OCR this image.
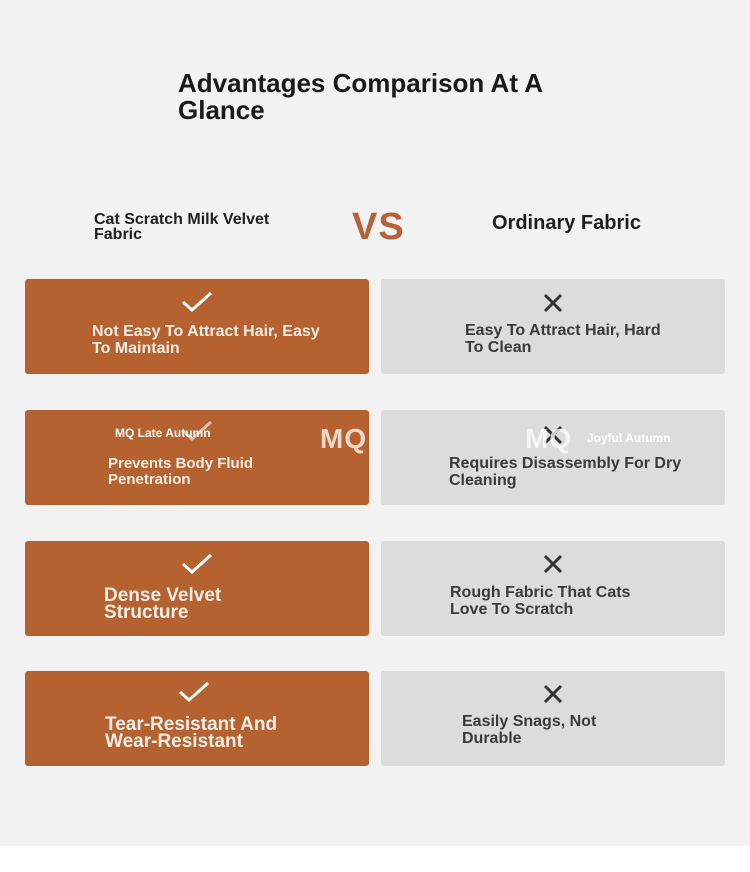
Advantages Comparison At A Glance
Cat Scratch Milk Velvet Fabric	VS	Ordinary Fabric
Not Easy To Attract Hair, Easy To Maintain
Easy To Attract Hair, Hard To Clean
MQ Late Autumn
Prevents Body Fluid Penetration
MQ	MQ Joyful Autumn
Requires Disassembly For Dry Cleaning
Dense Velvet Structure
Rough Fabric That Cats Love To Scratch
Tear-Resistant And Wear-Resistant
Easily Snags, Not Durable
